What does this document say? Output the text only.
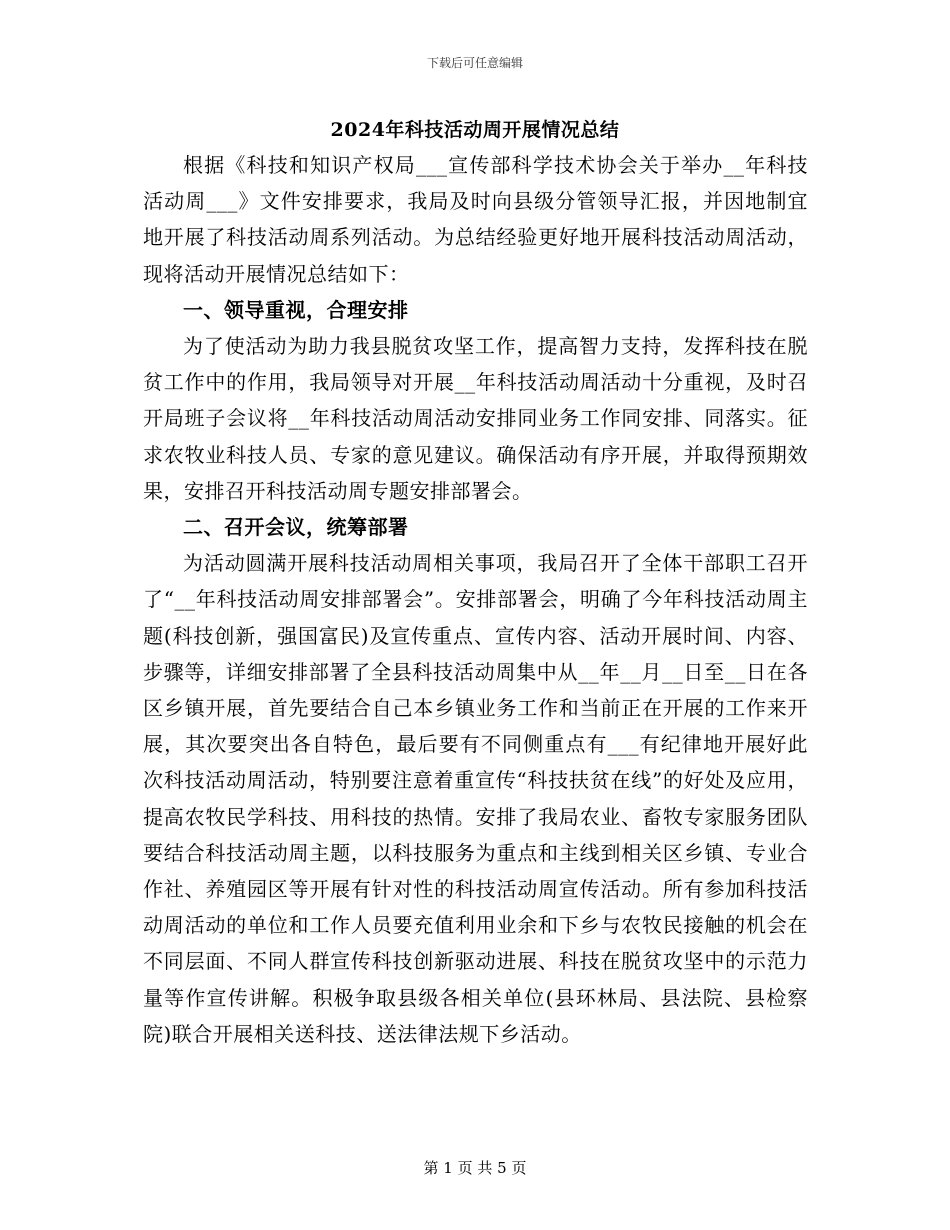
下载后可任意编辑
2024年科技活动周开展情况总结

根据《科技和知识产权局___宣传部科学技术协会关于举办__年科技活动周___》文件安排要求，我局及时向县级分管领导汇报，并因地制宜地开展了科技活动周系列活动。为总结经验更好地开展科技活动周活动，现将活动开展情况总结如下：

一、领导重视，合理安排

为了使活动为助力我县脱贫攻坚工作，提高智力支持，发挥科技在脱贫工作中的作用，我局领导对开展__年科技活动周活动十分重视，及时召开局班子会议将__年科技活动周活动安排同业务工作同安排、同落实。征求农牧业科技人员、专家的意见建议。确保活动有序开展，并取得预期效果，安排召开科技活动周专题安排部署会。

二、召开会议，统筹部署

为活动圆满开展科技活动周相关事项，我局召开了全体干部职工召开了“__年科技活动周安排部署会”。安排部署会，明确了今年科技活动周主题(科技创新，强国富民)及宣传重点、宣传内容、活动开展时间、内容、步骤等，详细安排部署了全县科技活动周集中从__年__月__日至__日在各区乡镇开展，首先要结合自己本乡镇业务工作和当前正在开展的工作来开展，其次要突出各自特色，最后要有不同侧重点有___有纪律地开展好此次科技活动周活动，特别要注意着重宣传“科技扶贫在线”的好处及应用，提高农牧民学科技、用科技的热情。安排了我局农业、畜牧专家服务团队要结合科技活动周主题，以科技服务为重点和主线到相关区乡镇、专业合作社、养殖园区等开展有针对性的科技活动周宣传活动。所有参加科技活动周活动的单位和工作人员要充值利用业余和下乡与农牧民接触的机会在不同层面、不同人群宣传科技创新驱动进展、科技在脱贫攻坚中的示范力量等作宣传讲解。积极争取县级各相关单位(县环林局、县法院、县检察院)联合开展相关送科技、送法律法规下乡活动。

第 1 页 共 5 页
